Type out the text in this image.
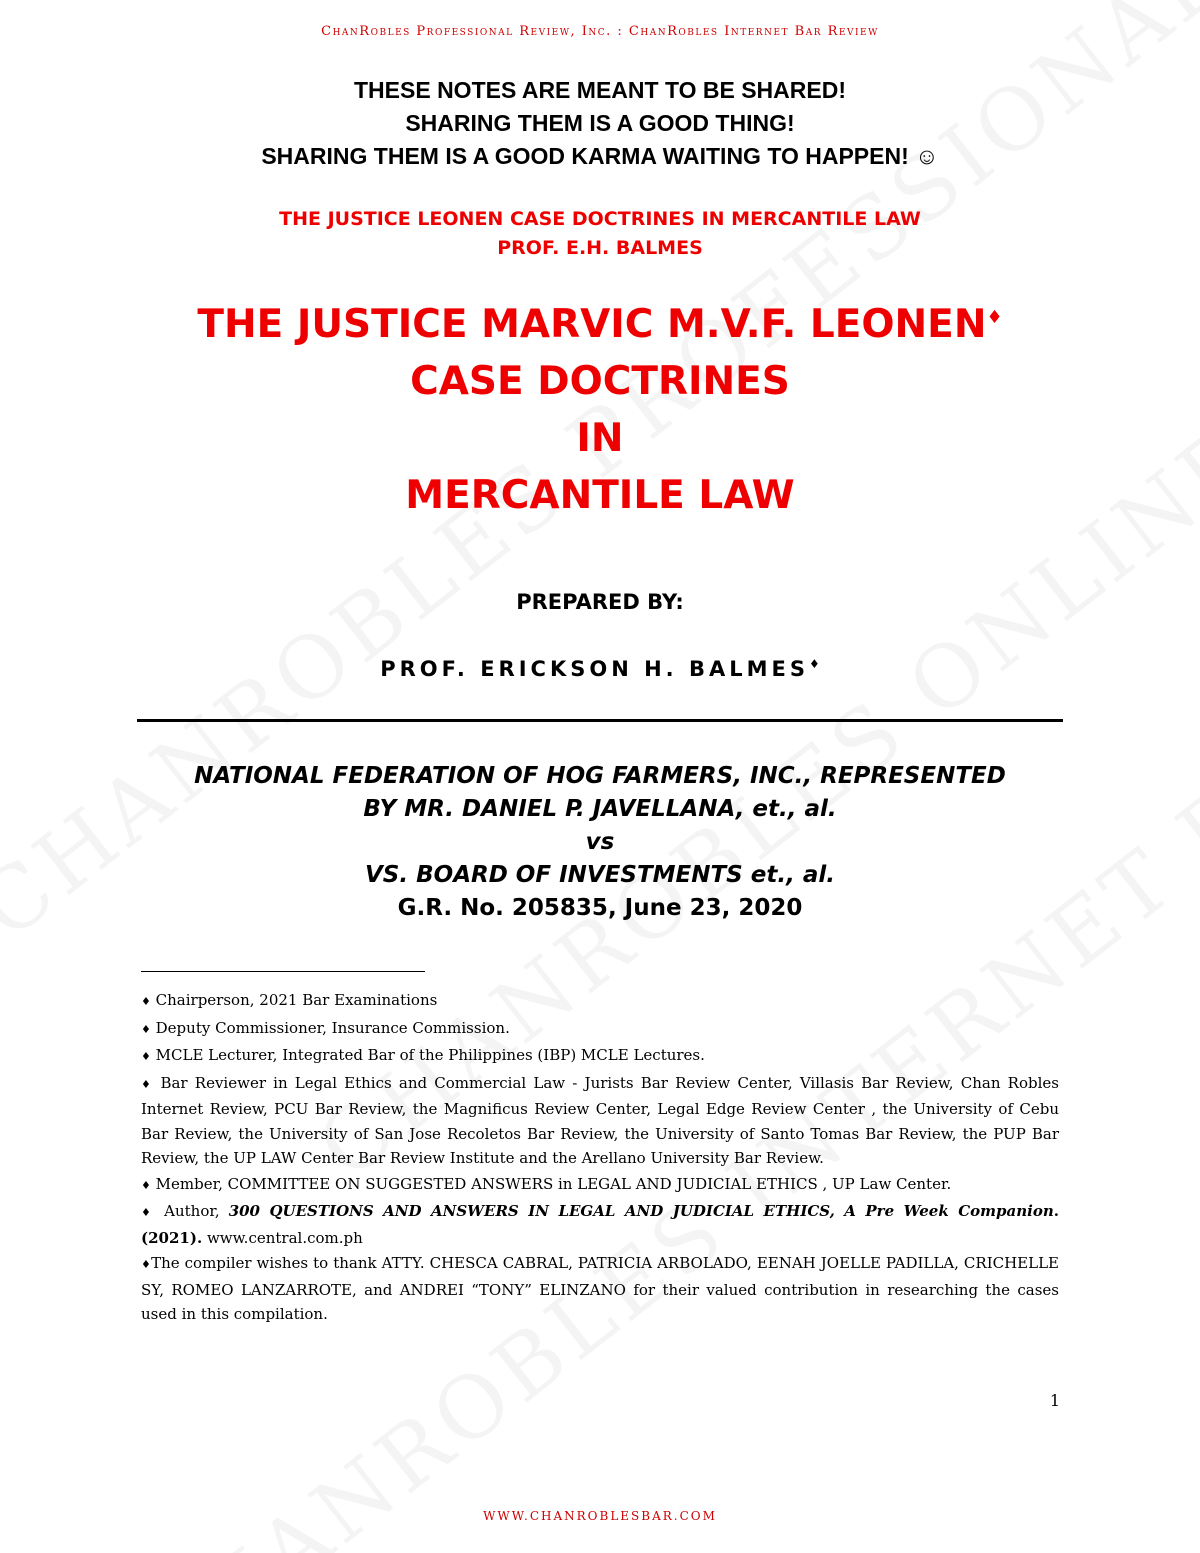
ChanRobles Professional Review, Inc. : ChanRobles Internet Bar Review
THESE NOTES ARE MEANT TO BE SHARED!
SHARING THEM IS A GOOD THING!
SHARING THEM IS A GOOD KARMA WAITING TO HAPPEN! ☺
THE JUSTICE LEONEN CASE DOCTRINES IN MERCANTILE LAW
PROF. E.H. BALMES
THE JUSTICE MARVIC M.V.F. LEONEN♦
CASE DOCTRINES
IN
MERCANTILE LAW
PREPARED BY:
PROF. ERICKSON H. BALMES♦
NATIONAL FEDERATION OF HOG FARMERS, INC., REPRESENTED
BY MR. DANIEL P. JAVELLANA, et., al.
vs
VS. BOARD OF INVESTMENTS et., al.
G.R. No. 205835, June 23, 2020

♦ Chairperson, 2021 Bar Examinations

♦ Deputy Commissioner, Insurance Commission.

♦ MCLE Lecturer, Integrated Bar of the Philippines (IBP) MCLE Lectures.

♦ Bar Reviewer in Legal Ethics and Commercial Law - Jurists Bar Review Center, Villasis Bar Review, Chan Robles Internet Review, PCU Bar Review, the Magnificus Review Center, Legal Edge Review Center , the University of Cebu Bar Review, the University of San Jose Recoletos Bar Review, the University of Santo Tomas Bar Review, the PUP Bar Review, the UP LAW Center Bar Review Institute and the Arellano University Bar Review.

♦ Member, COMMITTEE ON SUGGESTED ANSWERS in LEGAL AND JUDICIAL ETHICS , UP Law Center.

♦ Author, 300 QUESTIONS AND ANSWERS IN LEGAL AND JUDICIAL ETHICS, A Pre Week Companion. (2021). www.central.com.ph

♦The compiler wishes to thank ATTY. CHESCA CABRAL, PATRICIA ARBOLADO, EENAH JOELLE PADILLA, CRICHELLE SY, ROMEO LANZARROTE, and ANDREI “TONY” ELINZANO for their valued contribution in researching the cases used in this compilation.

1
WWW.CHANROBLESBAR.COM
